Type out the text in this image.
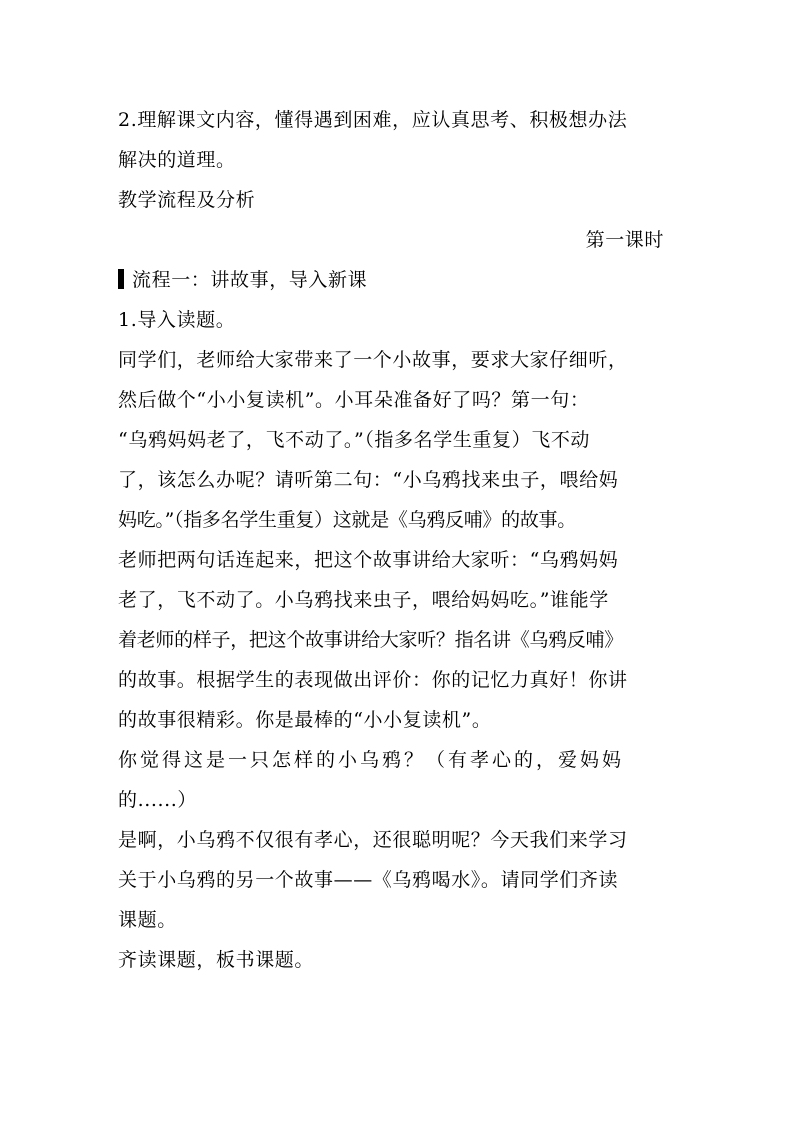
2.理解课文内容，懂得遇到困难，应认真思考、积极想办法
解决的道理。
教学流程及分析
第一课时
流程一：讲故事，导入新课
1.导入读题。
同学们，老师给大家带来了一个小故事，要求大家仔细听，
然后做个“小小复读机”。小耳朵准备好了吗？第一句：
“乌鸦妈妈老了，飞不动了。”（指多名学生重复）飞不动
了，该怎么办呢？请听第二句：“小乌鸦找来虫子，喂给妈
妈吃。”（指多名学生重复）这就是《乌鸦反哺》的故事。
老师把两句话连起来，把这个故事讲给大家听：“乌鸦妈妈
老了，飞不动了。小乌鸦找来虫子，喂给妈妈吃。”谁能学
着老师的样子，把这个故事讲给大家听？指名讲《乌鸦反哺》
的故事。根据学生的表现做出评价：你的记忆力真好！你讲
的故事很精彩。你是最棒的“小小复读机”。
你觉得这是一只怎样的小乌鸦？（有孝心的，爱妈妈
的......）
是啊，小乌鸦不仅很有孝心，还很聪明呢？今天我们来学习
关于小乌鸦的另一个故事——《乌鸦喝水》。请同学们齐读
课题。
齐读课题，板书课题。
